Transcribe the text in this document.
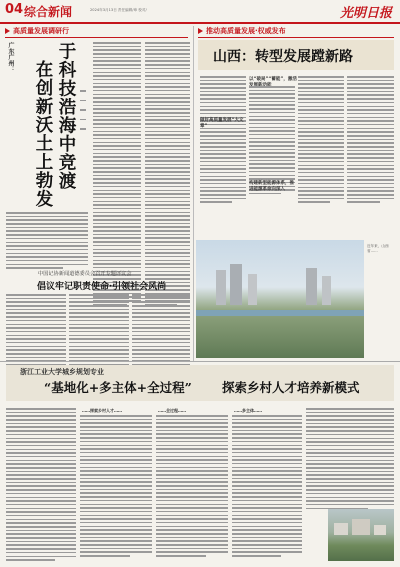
04 综合新闻	2024年3月13日 责任编辑/章 校对/	光明日报
高质量发展调研行
广东广州：
在创新沃土上勃发 于科技浩海中竞渡
中国记协新闻道德委员会召开专题评议会
倡议牢记职责使命·引领社会风尚
推动高质量发展·权威发布
山西：转型发展蹚新路
做好高质量发展“大文章”
以“破局”“蓄能”，激活
构建新型能源体系，推进能源革命向深入
近年来，山西省……
浙江工业大学城乡规划专业
“基地化+多主体+全过程” 探索乡村人才培养新模式
……探索乡村人才……	……全过程……	……多主体……
